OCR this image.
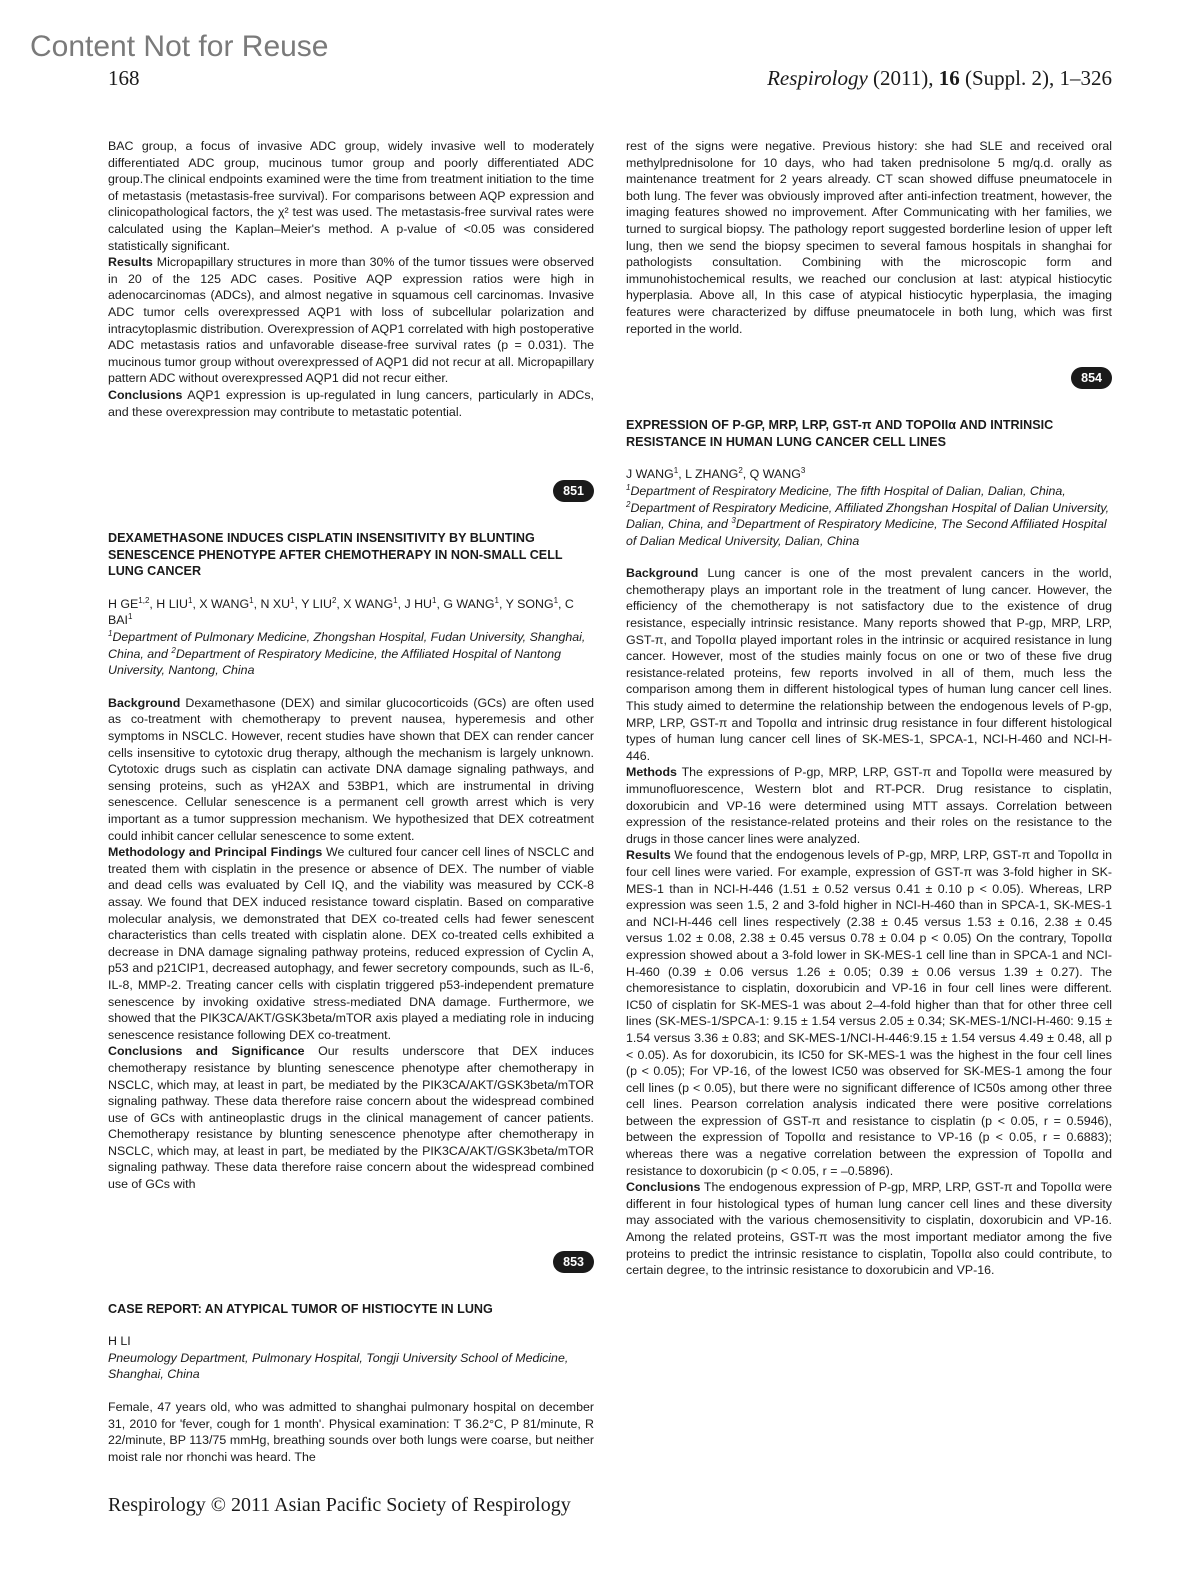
Content Not for Reuse
168	Respirology (2011), 16 (Suppl. 2), 1–326

BAC group, a focus of invasive ADC group, widely invasive well to moderately differentiated ADC group, mucinous tumor group and poorly differentiated ADC group.The clinical endpoints examined were the time from treatment initiation to the time of metastasis (metastasis-free survival). For comparisons between AQP expression and clinicopathological factors, the χ² test was used. The metastasis-free survival rates were calculated using the Kaplan–Meier's method. A p-value of <0.05 was considered statistically significant.

Results Micropapillary structures in more than 30% of the tumor tissues were observed in 20 of the 125 ADC cases. Positive AQP expression ratios were high in adenocarcinomas (ADCs), and almost negative in squamous cell carcinomas. Invasive ADC tumor cells overexpressed AQP1 with loss of subcellular polarization and intracytoplasmic distribution. Overexpression of AQP1 correlated with high postoperative ADC metastasis ratios and unfavorable disease-free survival rates (p = 0.031). The mucinous tumor group without overexpressed of AQP1 did not recur at all. Micropapillary pattern ADC without overexpressed AQP1 did not recur either.

Conclusions AQP1 expression is up-regulated in lung cancers, particularly in ADCs, and these overexpression may contribute to metastatic potential.

851

DEXAMETHASONE INDUCES CISPLATIN INSENSITIVITY BY BLUNTING SENESCENCE PHENOTYPE AFTER CHEMOTHERAPY IN NON-SMALL CELL LUNG CANCER

H GE$^{1,2}$, H LIU$^1$, X WANG$^1$, N $XU^1$, Y LIU$^2$, X WANG$^1$, J $HU^1$, G WANG$^1$, Y SONG$^1$, C BAI$^1$

$^1$Department of Pulmonary Medicine, Zhongshan Hospital, Fudan University, Shanghai, China, and $^2$Department of Respiratory Medicine, the Affiliated Hospital of Nantong University, Nantong, China

Background Dexamethasone (DEX) and similar glucocorticoids (GCs) are often used as co-treatment with chemotherapy to prevent nausea, hyperemesis and other symptoms in NSCLC. However, recent studies have shown that DEX can render cancer cells insensitive to cytotoxic drug therapy, although the mechanism is largely unknown. Cytotoxic drugs such as cisplatin can activate DNA damage signaling pathways, and sensing proteins, such as γH2AX and 53BP1, which are instrumental in driving senescence. Cellular senescence is a permanent cell growth arrest which is very important as a tumor suppression mechanism. We hypothesized that DEX cotreatment could inhibit cancer cellular senescence to some extent.

Methodology and Principal Findings We cultured four cancer cell lines of NSCLC and treated them with cisplatin in the presence or absence of DEX. The number of viable and dead cells was evaluated by Cell IQ, and the viability was measured by CCK-8 assay. We found that DEX induced resistance toward cisplatin. Based on comparative molecular analysis, we demonstrated that DEX co-treated cells had fewer senescent characteristics than cells treated with cisplatin alone. DEX co-treated cells exhibited a decrease in DNA damage signaling pathway proteins, reduced expression of Cyclin A, p53 and p21CIP1, decreased autophagy, and fewer secretory compounds, such as IL-6, IL-8, MMP-2. Treating cancer cells with cisplatin triggered p53-independent premature senescence by invoking oxidative stress-mediated DNA damage. Furthermore, we showed that the PIK3CA/AKT/GSK3beta/mTOR axis played a mediating role in inducing senescence resistance following DEX co-treatment.

Conclusions and Significance Our results underscore that DEX induces chemotherapy resistance by blunting senescence phenotype after chemotherapy in NSCLC, which may, at least in part, be mediated by the PIK3CA/AKT/GSK3beta/mTOR signaling pathway. These data therefore raise concern about the widespread combined use of GCs with antineoplastic drugs in the clinical management of cancer patients. Chemotherapy resistance by blunting senescence phenotype after chemotherapy in NSCLC, which may, at least in part, be mediated by the PIK3CA/AKT/GSK3beta/mTOR signaling pathway. These data therefore raise concern about the widespread combined use of GCs with

853

CASE REPORT: AN ATYPICAL TUMOR OF HISTIOCYTE IN LUNG

H LI

Pneumology Department, Pulmonary Hospital, Tongji University School of Medicine, Shanghai, China

Female, 47 years old, who was admitted to shanghai pulmonary hospital on december 31, 2010 for 'fever, cough for 1 month'. Physical examination: T 36.2°C, P 81/minute, R 22/minute, BP 113/75 mmHg, breathing sounds over both lungs were coarse, but neither moist rale nor rhonchi was heard. The

rest of the signs were negative. Previous history: she had SLE and received oral methylprednisolone for 10 days, who had taken prednisolone 5 mg/q.d. orally as maintenance treatment for 2 years already. CT scan showed diffuse pneumatocele in both lung. The fever was obviously improved after anti-infection treatment, however, the imaging features showed no improvement. After Communicating with her families, we turned to surgical biopsy. The pathology report suggested borderline lesion of upper left lung, then we send the biopsy specimen to several famous hospitals in shanghai for pathologists consultation. Combining with the microscopic form and immunohistochemical results, we reached our conclusion at last: atypical histiocytic hyperplasia. Above all, In this case of atypical histiocytic hyperplasia, the imaging features were characterized by diffuse pneumatocele in both lung, which was first reported in the world.

854

EXPRESSION OF P-GP, MRP, LRP, GST-π AND TOPOIIα AND INTRINSIC RESISTANCE IN HUMAN LUNG CANCER CELL LINES

J WANG$^1$, L ZHANG$^2$, Q WANG$^3$

$^1$Department of Respiratory Medicine, The fifth Hospital of Dalian, Dalian, China, $^2$Department of Respiratory Medicine, Affiliated Zhongshan Hospital of Dalian University, Dalian, China, and $^3$Department of Respiratory Medicine, The Second Affiliated Hospital of Dalian Medical University, Dalian, China

Background Lung cancer is one of the most prevalent cancers in the world, chemotherapy plays an important role in the treatment of lung cancer. However, the efficiency of the chemotherapy is not satisfactory due to the existence of drug resistance, especially intrinsic resistance. Many reports showed that P-gp, MRP, LRP, GST-π, and TopoIIα played important roles in the intrinsic or acquired resistance in lung cancer. However, most of the studies mainly focus on one or two of these five drug resistance-related proteins, few reports involved in all of them, much less the comparison among them in different histological types of human lung cancer cell lines. This study aimed to determine the relationship between the endogenous levels of P-gp, MRP, LRP, GST-π and TopoIIα and intrinsic drug resistance in four different histological types of human lung cancer cell lines of SK-MES-1, SPCA-1, NCI-H-460 and NCI-H-446.

Methods The expressions of P-gp, MRP, LRP, GST-π and TopoIIα were measured by immunofluorescence, Western blot and RT-PCR. Drug resistance to cisplatin, doxorubicin and VP-16 were determined using MTT assays. Correlation between expression of the resistance-related proteins and their roles on the resistance to the drugs in those cancer lines were analyzed.

Results We found that the endogenous levels of P-gp, MRP, LRP, GST-π and TopoIIα in four cell lines were varied. For example, expression of GST-π was 3-fold higher in SK-MES-1 than in NCI-H-446 (1.51 ± 0.52 versus 0.41 ± 0.10 p < 0.05). Whereas, LRP expression was seen 1.5, 2 and 3-fold higher in NCI-H-460 than in SPCA-1, SK-MES-1 and NCI-H-446 cell lines respectively (2.38 ± 0.45 versus 1.53 ± 0.16, 2.38 ± 0.45 versus 1.02 ± 0.08, 2.38 ± 0.45 versus 0.78 ± 0.04 p < 0.05) On the contrary, TopoIIα expression showed about a 3-fold lower in SK-MES-1 cell line than in SPCA-1 and NCI-H-460 (0.39 ± 0.06 versus 1.26 ± 0.05; 0.39 ± 0.06 versus 1.39 ± 0.27). The chemoresistance to cisplatin, doxorubicin and VP-16 in four cell lines were different. IC50 of cisplatin for SK-MES-1 was about 2–4-fold higher than that for other three cell lines (SK-MES-1/SPCA-1: 9.15 ± 1.54 versus 2.05 ± 0.34; SK-MES-1/NCI-H-460: 9.15 ± 1.54 versus 3.36 ± 0.83; and SK-MES-1/NCI-H-446:9.15 ± 1.54 versus 4.49 ± 0.48, all p < 0.05). As for doxorubicin, its IC50 for SK-MES-1 was the highest in the four cell lines (p < 0.05); For VP-16, of the lowest IC50 was observed for SK-MES-1 among the four cell lines (p < 0.05), but there were no significant difference of IC50s among other three cell lines. Pearson correlation analysis indicated there were positive correlations between the expression of GST-π and resistance to cisplatin (p < 0.05, r = 0.5946), between the expression of TopoIIα and resistance to VP-16 (p < 0.05, r = 0.6883); whereas there was a negative correlation between the expression of TopoIIα and resistance to doxorubicin (p < 0.05, r = –0.5896).

Conclusions The endogenous expression of P-gp, MRP, LRP, GST-π and TopoIIα were different in four histological types of human lung cancer cell lines and these diversity may associated with the various chemosensitivity to cisplatin, doxorubicin and VP-16. Among the related proteins, GST-π was the most important mediator among the five proteins to predict the intrinsic resistance to cisplatin, TopoIIα also could contribute, to certain degree, to the intrinsic resistance to doxorubicin and VP-16.

Respirology © 2011 Asian Pacific Society of Respirology
